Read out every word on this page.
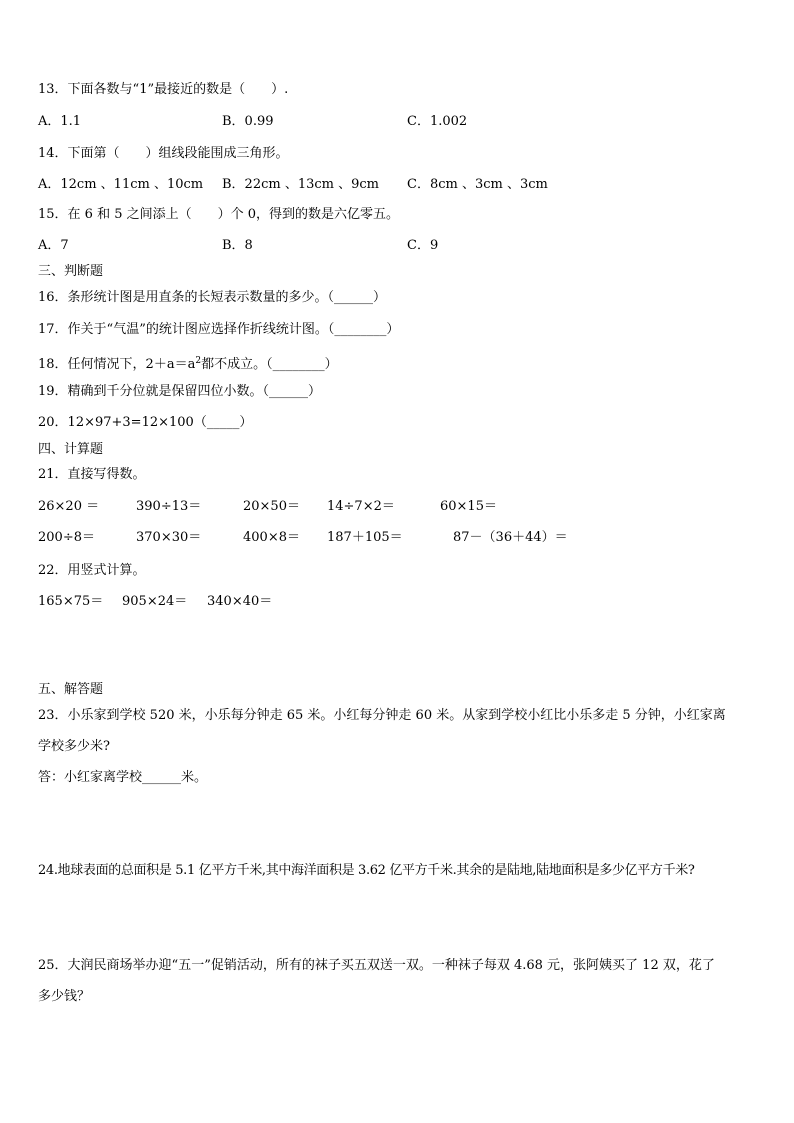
13．下面各数与“1”最接近的数是（　　）.
A．1.1	B．0.99	C．1.002
14．下面第（　　）组线段能围成三角形。
A．12cm 、11cm 、10cm B．22cm 、13cm 、9cm C．8cm 、3cm 、3cm
15．在 6 和 5 之间添上（　　）个 0，得到的数是六亿零五。
A．7	B．8	C．9
三、判断题
16．条形统计图是用直条的长短表示数量的多少。（______）
17．作关于“气温”的统计图应选择作折线统计图。（________）
18．任何情况下，$2+a=a^2$都不成立。（________）
19．精确到千分位就是保留四位小数。（______）
20．12×97+3=12×100（_____）
四、计算题
21．直接写得数。
26×20 ＝	390÷13＝	20×50＝ 14÷7×2＝	60×15＝
200÷8＝	370×30＝	400×8＝ 187＋105＝	87－（36＋44）＝
22．用竖式计算。
165×75＝ 905×24＝ 340×40＝
五、解答题
23．小乐家到学校 520 米，小乐每分钟走 65 米。小红每分钟走 60 米。从家到学校小红比小乐多走 5 分钟，小红家离
学校多少米?
答：小红家离学校______米。
24.地球表面的总面积是 5.1 亿平方千米,其中海洋面积是 3.62 亿平方千米.其余的是陆地,陆地面积是多少亿平方千米?
25．大润民商场举办迎“五一”促销活动，所有的袜子买五双送一双。一种袜子每双 4.68 元，张阿姨买了 12 双，花了
多少钱？
